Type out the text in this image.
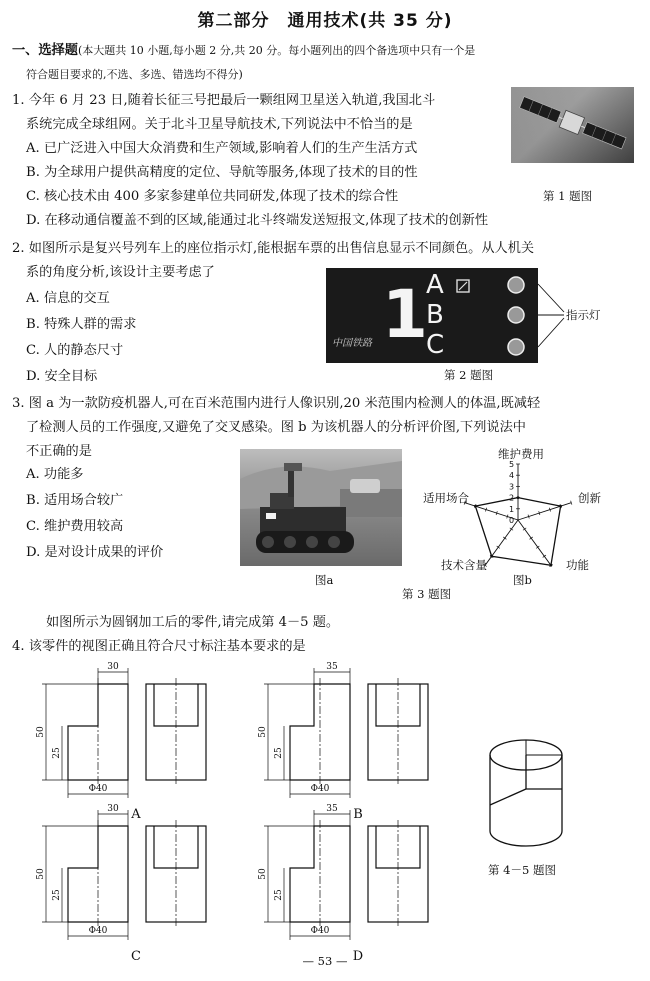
第二部分　通用技术(共 35 分)
一、选择题(本大题共 10 小题,每小题 2 分,共 20 分。每小题列出的四个备选项中只有一个是
符合题目要求的,不选、多选、错选均不得分)
1. 今年 6 月 23 日,随着长征三号把最后一颗组网卫星送入轨道,我国北斗
系统完成全球组网。关于北斗卫星导航技术,下列说法中不恰当的是
A. 已广泛进入中国大众消费和生产领域,影响着人们的生产生活方式
B. 为全球用户提供高精度的定位、导航等服务,体现了技术的目的性
C. 核心技术由 400 多家参建单位共同研发,体现了技术的综合性
D. 在移动通信覆盖不到的区域,能通过北斗终端发送短报文,体现了技术的创新性
第 1 题图
2. 如图所示是复兴号列车上的座位指示灯,能根据车票的出售信息显示不同颜色。从人机关
系的角度分析,该设计主要考虑了
A. 信息的交互
B. 特殊人群的需求
C. 人的静态尺寸
D. 安全目标
1
A
B
C
中国铁路
指示灯
第 2 题图
3. 图 a 为一款防疫机器人,可在百米范围内进行人像识别,20 米范围内检测人的体温,既减轻
了检测人员的工作强度,又避免了交叉感染。图 b 为该机器人的分析评价图,下列说法中
不正确的是
A. 功能多
B. 适用场合较广
C. 维护费用较高
D. 是对设计成果的评价
图a
5
4
3
2
1
0
维护费用
创新
功能
技术含量
适用场合
图b
第 3 题图
如图所示为圆钢加工后的零件,请完成第 4－5 题。
4. 该零件的视图正确且符合尺寸标注基本要求的是
30
50
25
Φ40
A
35
50
25
Φ40
B
30
50
25
Φ40
C
35
50
25
Φ40
D
第 4－5 题图
— 53 —
